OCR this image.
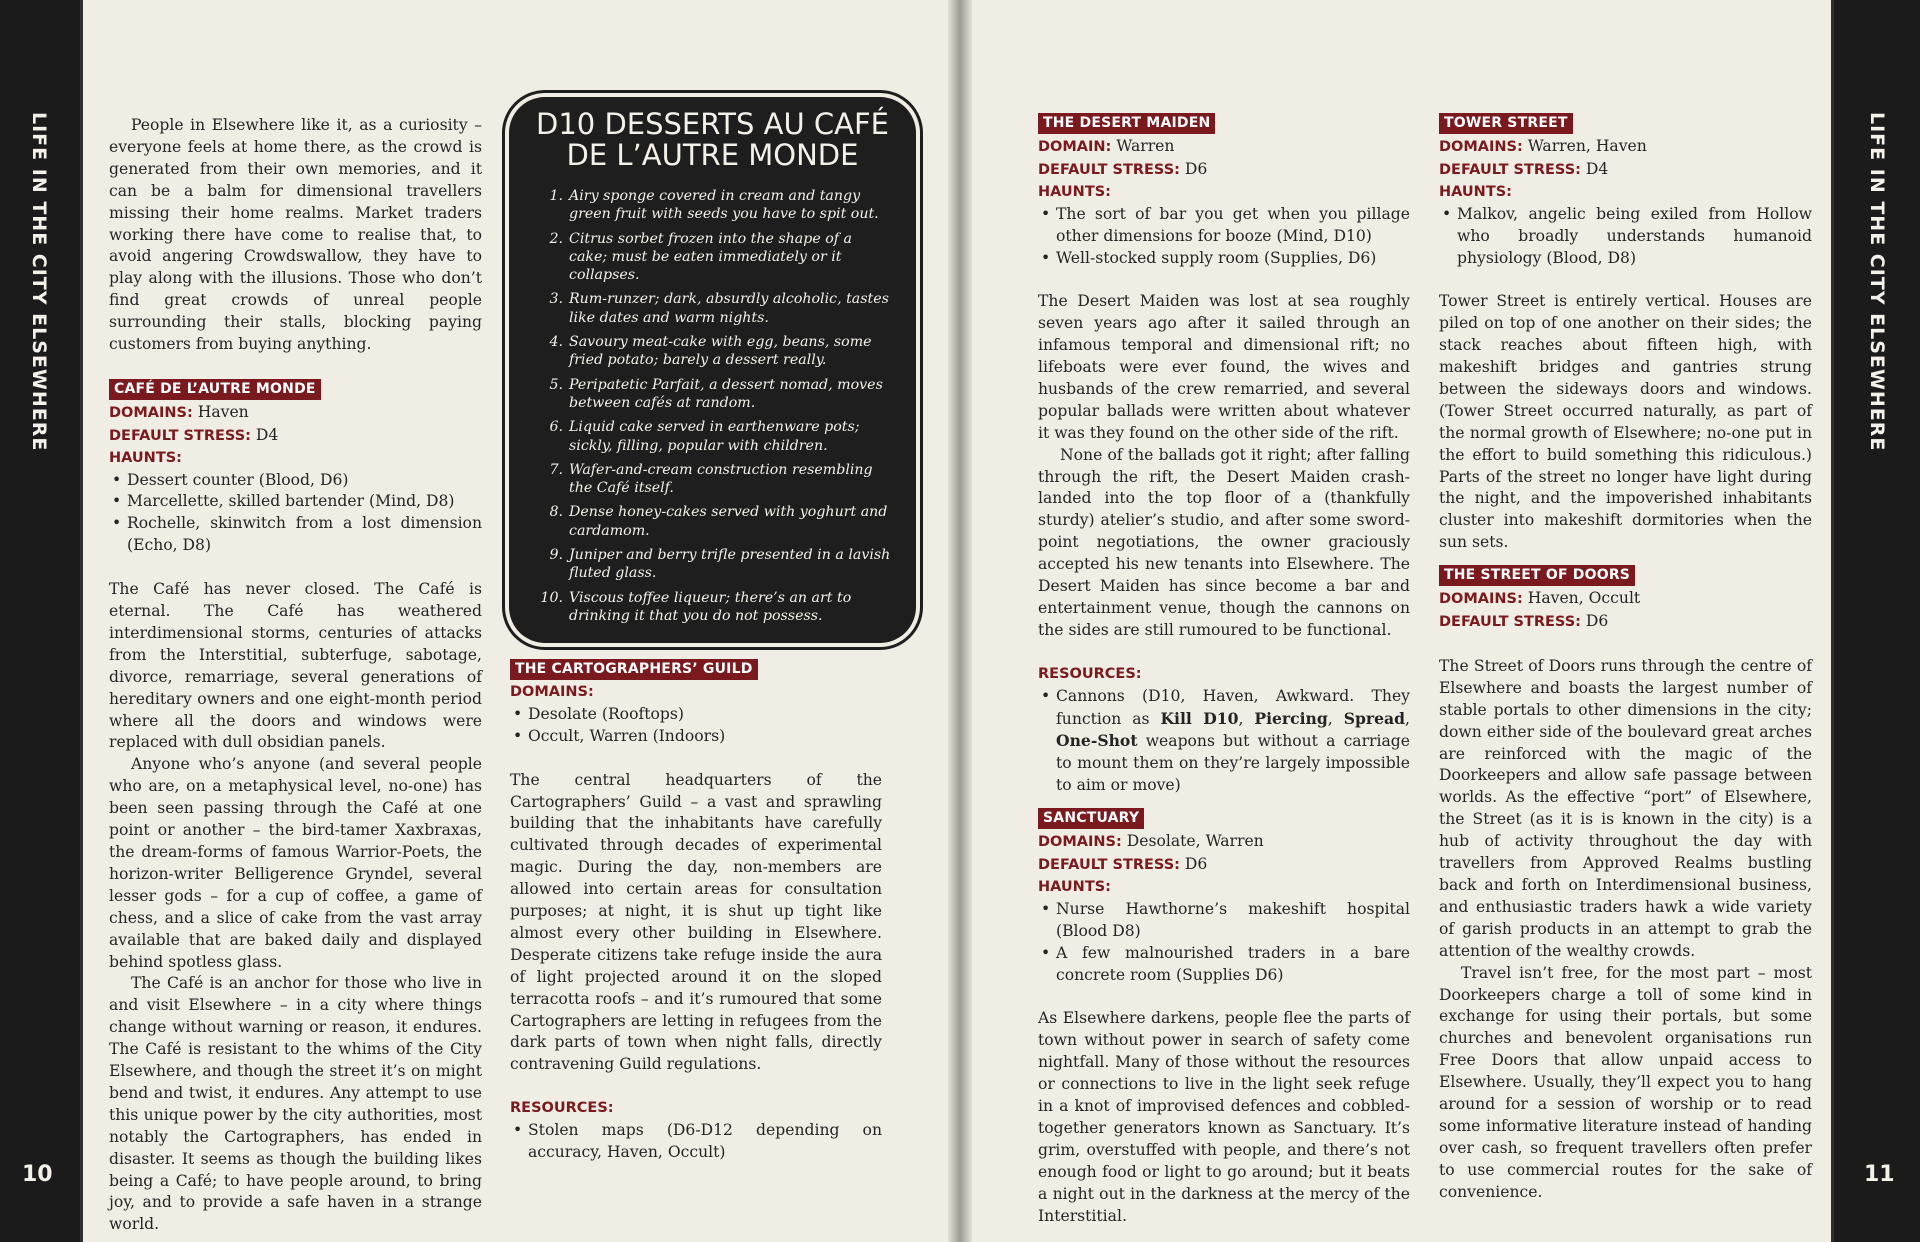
LIFE IN THE CITY ELSEWHERE
10

People in Elsewhere like it, as a curiosity – everyone feels at home there, as the crowd is generated from their own memories, and it can be a balm for dimensional travellers missing their home realms. Market traders working there have come to realise that, to avoid angering Crowdswallow, they have to play along with the illusions. Those who don’t find great crowds of unreal people surrounding their stalls, blocking paying customers from buying anything.

CAFÉ DE L’AUTRE MONDE
DOMAINS: Haven
DEFAULT STRESS: D4
HAUNTS:
• Dessert counter (Blood, D6)
• Marcellette, skilled bartender (Mind, D8)
• Rochelle, skinwitch from a lost dimension (Echo, D8)

The Café has never closed. The Café is eternal. The Café has weathered interdimensional storms, centuries of attacks from the Interstitial, subterfuge, sabotage, divorce, remarriage, several generations of hereditary owners and one eight-month period where all the doors and windows were replaced with dull obsidian panels.

Anyone who’s anyone (and several people who are, on a metaphysical level, no-one) has been seen passing through the Café at one point or another – the bird-tamer Xaxbraxas, the dream-forms of famous Warrior-Poets, the horizon-writer Belligerence Gryndel, several lesser gods – for a cup of coffee, a game of chess, and a slice of cake from the vast array available that are baked daily and displayed behind spotless glass.

The Café is an anchor for those who live in and visit Elsewhere – in a city where things change without warning or reason, it endures. The Café is resistant to the whims of the City Elsewhere, and though the street it’s on might bend and twist, it endures. Any attempt to use this unique power by the city authorities, most notably the Cartographers, has ended in disaster. It seems as though the building likes being a Café; to have people around, to bring joy, and to provide a safe haven in a strange world.

D10 DESSERTS AU CAFÉ
DE L’AUTRE MONDE
1. Airy sponge covered in cream and tangy green fruit with seeds you have to spit out.
2. Citrus sorbet frozen into the shape of a cake; must be eaten immediately or it collapses.
3. Rum-runzer; dark, absurdly alcoholic, tastes like dates and warm nights.
4. Savoury meat-cake with egg, beans, some fried potato; barely a dessert really.
5. Peripatetic Parfait, a dessert nomad, moves between cafés at random.
6. Liquid cake served in earthenware pots; sickly, filling, popular with children.
7. Wafer-and-cream construction resembling the Café itself.
8. Dense honey-cakes served with yoghurt and cardamom.
9. Juniper and berry trifle presented in a lavish fluted glass.
10. Viscous toffee liqueur; there’s an art to drinking it that you do not possess.
THE CARTOGRAPHERS’ GUILD
DOMAINS:
• Desolate (Rooftops)
• Occult, Warren (Indoors)

The central headquarters of the Cartographers’ Guild – a vast and sprawling building that the inhabitants have carefully cultivated through decades of experimental magic. During the day, non-members are allowed into certain areas for consultation purposes; at night, it is shut up tight like almost every other building in Elsewhere. Desperate citizens take refuge inside the aura of light projected around it on the sloped terracotta roofs – and it’s rumoured that some Cartographers are letting in refugees from the dark parts of town when night falls, directly contravening Guild regulations.

RESOURCES:
• Stolen maps (D6-D12 depending on accuracy, Haven, Occult)
LIFE IN THE CITY ELSEWHERE
11
THE DESERT MAIDEN
DOMAIN: Warren
DEFAULT STRESS: D6
HAUNTS:
• The sort of bar you get when you pillage other dimensions for booze (Mind, D10)
• Well-stocked supply room (Supplies, D6)

The Desert Maiden was lost at sea roughly seven years ago after it sailed through an infamous temporal and dimensional rift; no lifeboats were ever found, the wives and husbands of the crew remarried, and several popular ballads were written about whatever it was they found on the other side of the rift.

None of the ballads got it right; after falling through the rift, the Desert Maiden crash-landed into the top floor of a (thankfully sturdy) atelier’s studio, and after some sword-point negotiations, the owner graciously accepted his new tenants into Elsewhere. The Desert Maiden has since become a bar and entertainment venue, though the cannons on the sides are still rumoured to be functional.

RESOURCES:
• Cannons (D10, Haven, Awkward. They function as Kill D10, Piercing, Spread, One-Shot weapons but without a carriage to mount them on they’re largely impossible to aim or move)
SANCTUARY
DOMAINS: Desolate, Warren
DEFAULT STRESS: D6
HAUNTS:
• Nurse Hawthorne’s makeshift hospital (Blood D8)
• A few malnourished traders in a bare concrete room (Supplies D6)

As Elsewhere darkens, people flee the parts of town without power in search of safety come nightfall. Many of those without the resources or connections to live in the light seek refuge in a knot of improvised defences and cobbled-together generators known as Sanctuary. It’s grim, overstuffed with people, and there’s not enough food or light to go around; but it beats a night out in the darkness at the mercy of the Interstitial.

TOWER STREET
DOMAINS: Warren, Haven
DEFAULT STRESS: D4
HAUNTS:
• Malkov, angelic being exiled from Hollow who broadly understands humanoid physiology (Blood, D8)

Tower Street is entirely vertical. Houses are piled on top of one another on their sides; the stack reaches about fifteen high, with makeshift bridges and gantries strung between the sideways doors and windows. (Tower Street occurred naturally, as part of the normal growth of Elsewhere; no-one put in the effort to build something this ridiculous.) Parts of the street no longer have light during the night, and the impoverished inhabitants cluster into makeshift dormitories when the sun sets.

THE STREET OF DOORS
DOMAINS: Haven, Occult
DEFAULT STRESS: D6

The Street of Doors runs through the centre of Elsewhere and boasts the largest number of stable portals to other dimensions in the city; down either side of the boulevard great arches are reinforced with the magic of the Doorkeepers and allow safe passage between worlds. As the effective “port” of Elsewhere, the Street (as it is is known in the city) is a hub of activity throughout the day with travellers from Approved Realms bustling back and forth on Interdimensional business, and enthusiastic traders hawk a wide variety of garish products in an attempt to grab the attention of the wealthy crowds.

Travel isn’t free, for the most part – most Doorkeepers charge a toll of some kind in exchange for using their portals, but some churches and benevolent organisations run Free Doors that allow unpaid access to Elsewhere. Usually, they’ll expect you to hang around for a session of worship or to read some informative literature instead of handing over cash, so frequent travellers often prefer to use commercial routes for the sake of convenience.
